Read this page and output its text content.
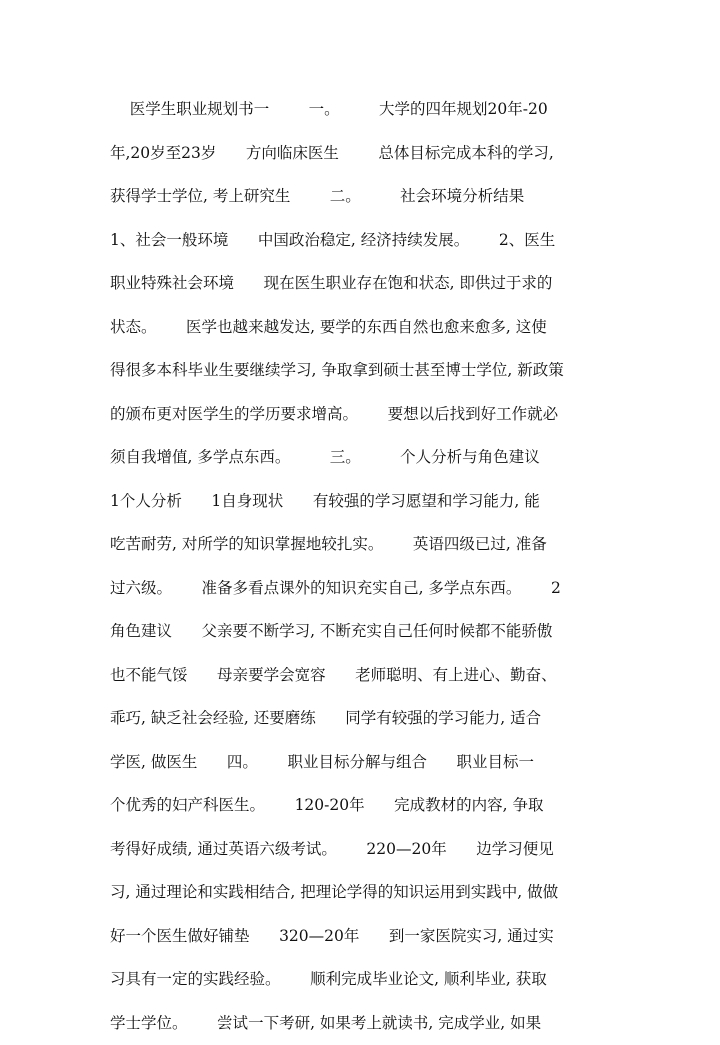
医学生职业规划书一        一。        大学的四年规划20年-20
年,20岁至23岁      方向临床医生        总体目标完成本科的学习,
获得学士学位, 考上研究生        二。        社会环境分析结果
1、社会一般环境      中国政治稳定, 经济持续发展。      2、医生
职业特殊社会环境      现在医生职业存在饱和状态, 即供过于求的
状态。      医学也越来越发达, 要学的东西自然也愈来愈多, 这使
得很多本科毕业生要继续学习, 争取拿到硕士甚至博士学位, 新政策
的颁布更对医学生的学历要求增高。      要想以后找到好工作就必
须自我增值, 多学点东西。        三。        个人分析与角色建议
1个人分析      1自身现状      有较强的学习愿望和学习能力, 能
吃苦耐劳, 对所学的知识掌握地较扎实。      英语四级已过, 准备
过六级。      准备多看点课外的知识充实自己, 多学点东西。      2
角色建议      父亲要不断学习, 不断充实自己任何时候都不能骄傲
也不能气馁      母亲要学会宽容      老师聪明、有上进心、勤奋、
乖巧, 缺乏社会经验, 还要磨练      同学有较强的学习能力, 适合
学医, 做医生      四。      职业目标分解与组合      职业目标一
个优秀的妇产科医生。      120-20年      完成教材的内容, 争取
考得好成绩, 通过英语六级考试。      220—20年      边学习便见
习, 通过理论和实践相结合, 把理论学得的知识运用到实践中, 做做
好一个医生做好铺垫      320—20年      到一家医院实习, 通过实
习具有一定的实践经验。      顺利完成毕业论文, 顺利毕业, 获取
学士学位。      尝试一下考研, 如果考上就读书, 完成学业, 如果
